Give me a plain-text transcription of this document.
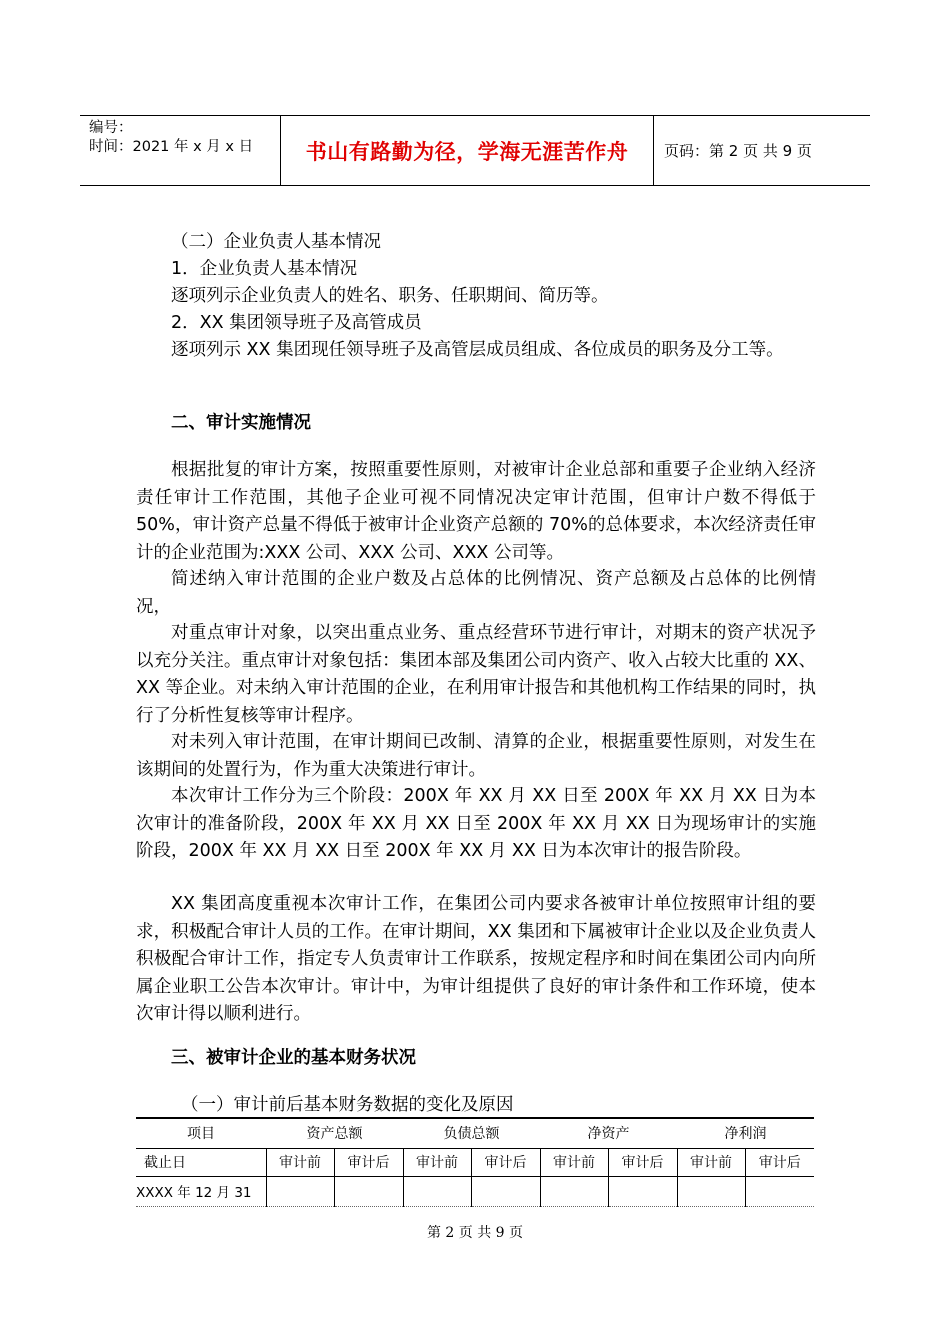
编号：
时间：2021 年 x 月 x 日	书山有路勤为径，学海无涯苦作舟	页码：第 2 页 共 9 页

（二）企业负责人基本情况

1．企业负责人基本情况

逐项列示企业负责人的姓名、职务、任职期间、简历等。

2．XX 集团领导班子及高管成员

逐项列示 XX 集团现任领导班子及高管层成员组成、各位成员的职务及分工等。

二、审计实施情况

根据批复的审计方案，按照重要性原则，对被审计企业总部和重要子企业纳入经济责任审计工作范围，其他子企业可视不同情况决定审计范围，但审计户数不得低于 50%，审计资产总量不得低于被审计企业资产总额的 70%的总体要求，本次经济责任审计的企业范围为:XXX 公司、XXX 公司、XXX 公司等。

简述纳入审计范围的企业户数及占总体的比例情况、资产总额及占总体的比例情况，

对重点审计对象，以突出重点业务、重点经营环节进行审计，对期末的资产状况予以充分关注。重点审计对象包括：集团本部及集团公司内资产、收入占较大比重的 XX、XX 等企业。对未纳入审计范围的企业，在利用审计报告和其他机构工作结果的同时，执行了分析性复核等审计程序。

对未列入审计范围，在审计期间已改制、清算的企业，根据重要性原则，对发生在该期间的处置行为，作为重大决策进行审计。

本次审计工作分为三个阶段：200X 年 XX 月 XX 日至 200X 年 XX 月 XX 日为本次审计的准备阶段，200X 年 XX 月 XX 日至 200X 年 XX 月 XX 日为现场审计的实施阶段，200X 年 XX 月 XX 日至 200X 年 XX 月 XX 日为本次审计的报告阶段。

XX 集团高度重视本次审计工作，在集团公司内要求各被审计单位按照审计组的要求，积极配合审计人员的工作。在审计期间，XX 集团和下属被审计企业以及企业负责人积极配合审计工作，指定专人负责审计工作联系，按规定程序和时间在集团公司内向所属企业职工公告本次审计。审计中，为审计组提供了良好的审计条件和工作环境，使本次审计得以顺利进行。

三、被审计企业的基本财务状况

（一）审计前后基本财务数据的变化及原因

项目	资产总额		负债总额		净资产		净利润	
截止日	审计前	审计后	审计前	审计后	审计前	审计后	审计前	审计后
XXXX 年 12 月 31								
第 2 页 共 9 页
